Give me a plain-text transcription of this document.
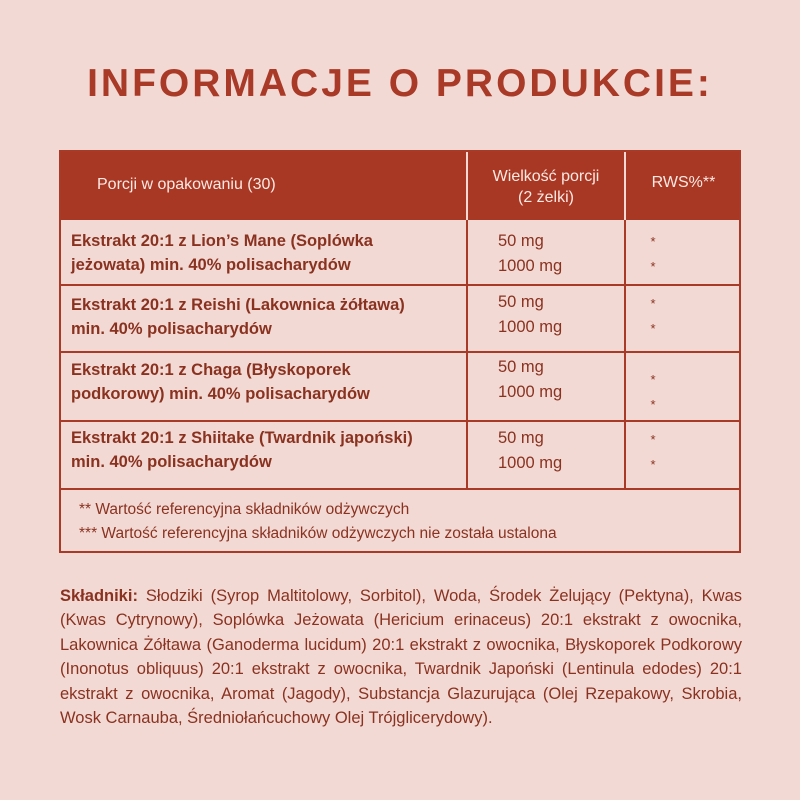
INFORMACJE O PRODUKCIE:
Porcji w opakowaniu (30)	Wielkość porcji
(2 żelki)
RWS%**
Ekstrakt 20:1 z Lion’s Mane (Soplówka
jeżowata) min. 40% polisacharydów
50 mg
1000 mg
*
*
Ekstrakt 20:1 z Reishi (Lakownica żółtawa)
min. 40% polisacharydów
50 mg
1000 mg
*
*
Ekstrakt 20:1 z Chaga (Błyskoporek
podkorowy) min. 40% polisacharydów
50 mg
1000 mg
*
*
Ekstrakt 20:1 z Shiitake (Twardnik japoński)
min. 40% polisacharydów
50 mg
1000 mg
*
*
** Wartość referencyjna składników odżywczych
*** Wartość referencyjna składników odżywczych nie została ustalona
Składniki: Słodziki (Syrop Maltitolowy, Sorbitol), Woda, Środek Żelujący (Pektyna), Kwas (Kwas Cytrynowy), Soplówka Jeżowata (Hericium erinaceus) 20:1 ekstrakt z owocnika, Lakownica Żółtawa (Ganoderma lucidum) 20:1 ekstrakt z owocnika, Błyskoporek Podkorowy (Inonotus obliquus) 20:1 ekstrakt z owocnika, Twardnik Japoński (Lentinula edodes) 20:1 ekstrakt z owocnika, Aromat (Jagody), Substancja Glazurująca (Olej Rzepakowy, Skrobia, Wosk Carnauba, Średniołańcuchowy Olej Trójglicerydowy).
